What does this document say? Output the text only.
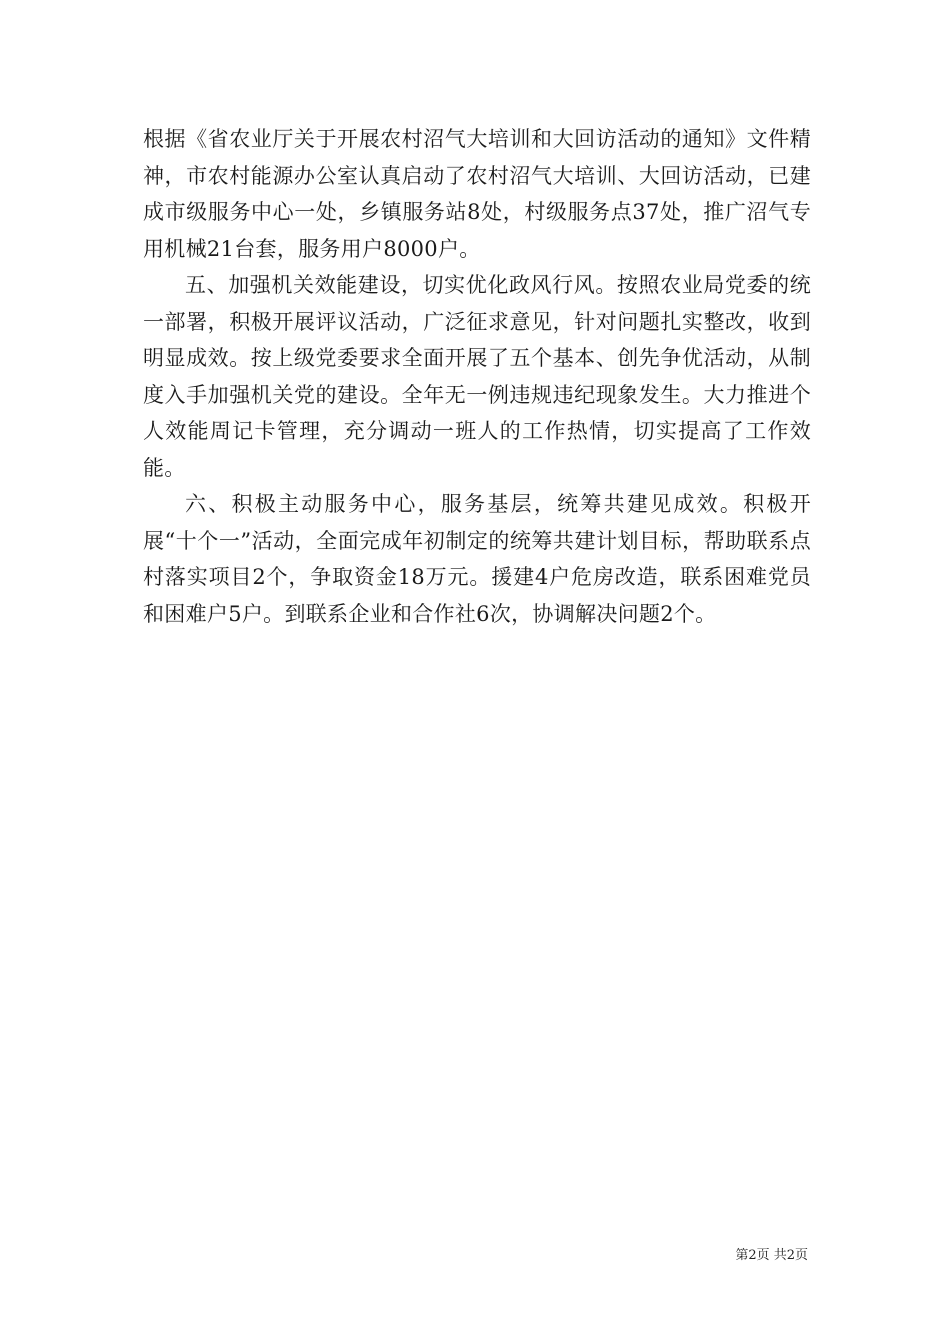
根据《省农业厅关于开展农村沼气大培训和大回访活动的通知》文件精神，市农村能源办公室认真启动了农村沼气大培训、大回访活动，已建成市级服务中心一处，乡镇服务站8处，村级服务点37处，推广沼气专用机械21台套，服务用户8000户。

五、加强机关效能建设，切实优化政风行风。按照农业局党委的统一部署，积极开展评议活动，广泛征求意见，针对问题扎实整改，收到明显成效。按上级党委要求全面开展了五个基本、创先争优活动，从制度入手加强机关党的建设。全年无一例违规违纪现象发生。大力推进个人效能周记卡管理，充分调动一班人的工作热情，切实提高了工作效能。

六、积极主动服务中心，服务基层，统筹共建见成效。积极开展“十个一”活动，全面完成年初制定的统筹共建计划目标，帮助联系点村落实项目2个，争取资金18万元。援建4户危房改造，联系困难党员和困难户5户。到联系企业和合作社6次，协调解决问题2个。

第2页 共2页
